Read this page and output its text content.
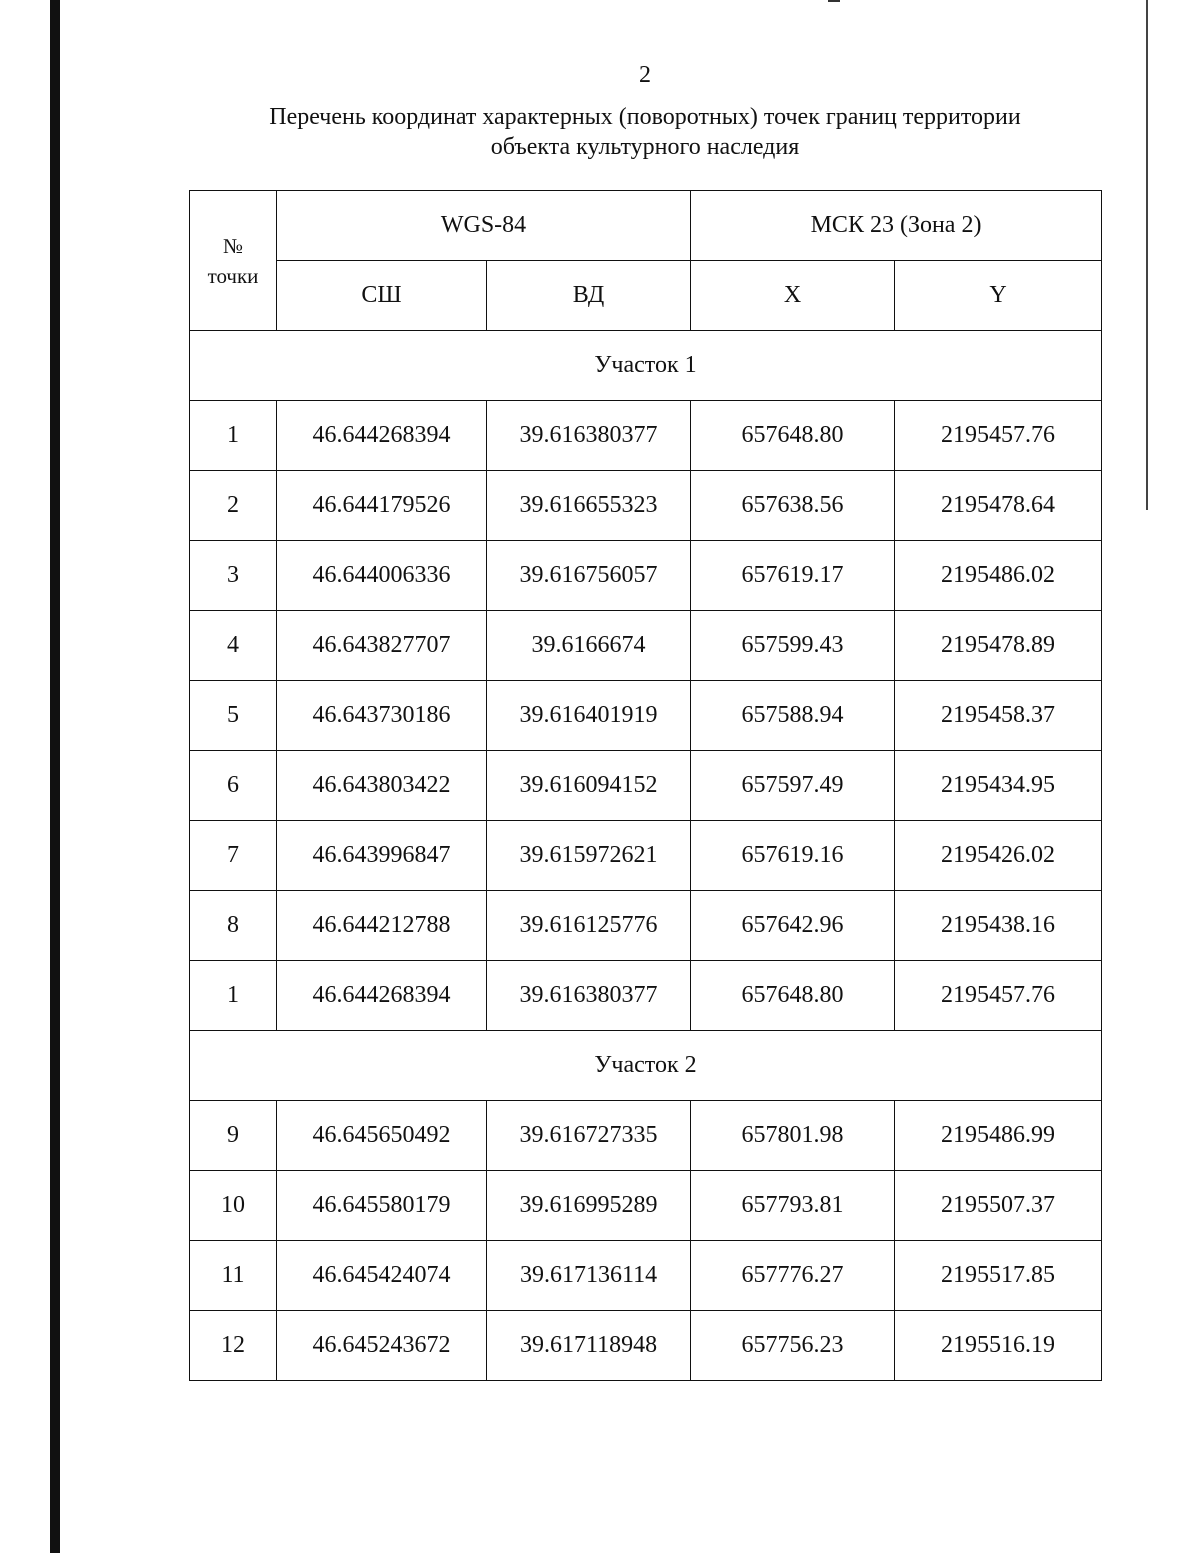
2
Перечень координат характерных (поворотных) точек границ территории
объекта культурного наследия
№
точки	WGS-84		МСК 23 (Зона 2)	
	СШ	ВД	X	Y
Участок 1				
1	46.644268394	39.616380377	657648.80	2195457.76
2	46.644179526	39.616655323	657638.56	2195478.64
3	46.644006336	39.616756057	657619.17	2195486.02
4	46.643827707	39.6166674	657599.43	2195478.89
5	46.643730186	39.616401919	657588.94	2195458.37
6	46.643803422	39.616094152	657597.49	2195434.95
7	46.643996847	39.615972621	657619.16	2195426.02
8	46.644212788	39.616125776	657642.96	2195438.16
1	46.644268394	39.616380377	657648.80	2195457.76
Участок 2				
9	46.645650492	39.616727335	657801.98	2195486.99
10	46.645580179	39.616995289	657793.81	2195507.37
11	46.645424074	39.617136114	657776.27	2195517.85
12	46.645243672	39.617118948	657756.23	2195516.19
